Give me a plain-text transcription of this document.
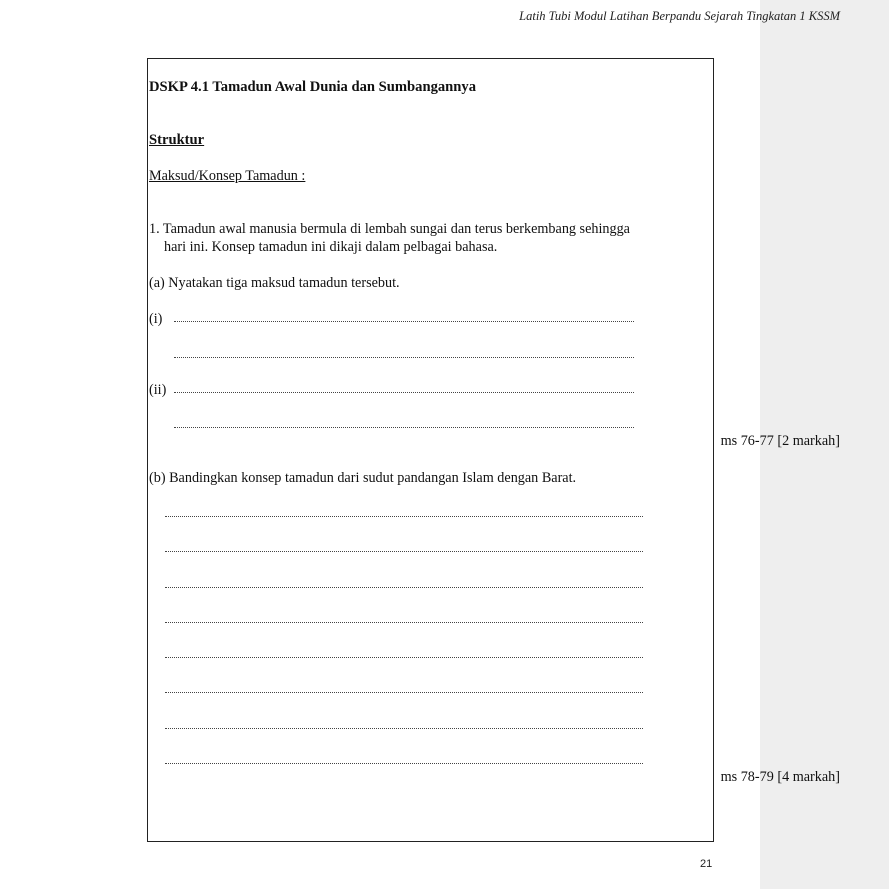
Latih Tubi Modul Latihan Berpandu Sejarah Tingkatan 1 KSSM
DSKP 4.1 Tamadun Awal Dunia dan Sumbangannya
Struktur
Maksud/Konsep Tamadun :
1. Tamadun awal manusia bermula di lembah sungai dan terus berkembang sehingga
hari ini. Konsep tamadun ini dikaji dalam pelbagai bahasa.
(a) Nyatakan tiga maksud tamadun tersebut.
(i)
(ii)
ms 76-77 [2 markah]
(b) Bandingkan konsep tamadun dari sudut pandangan Islam dengan Barat.
ms 78-79 [4 markah]
21
